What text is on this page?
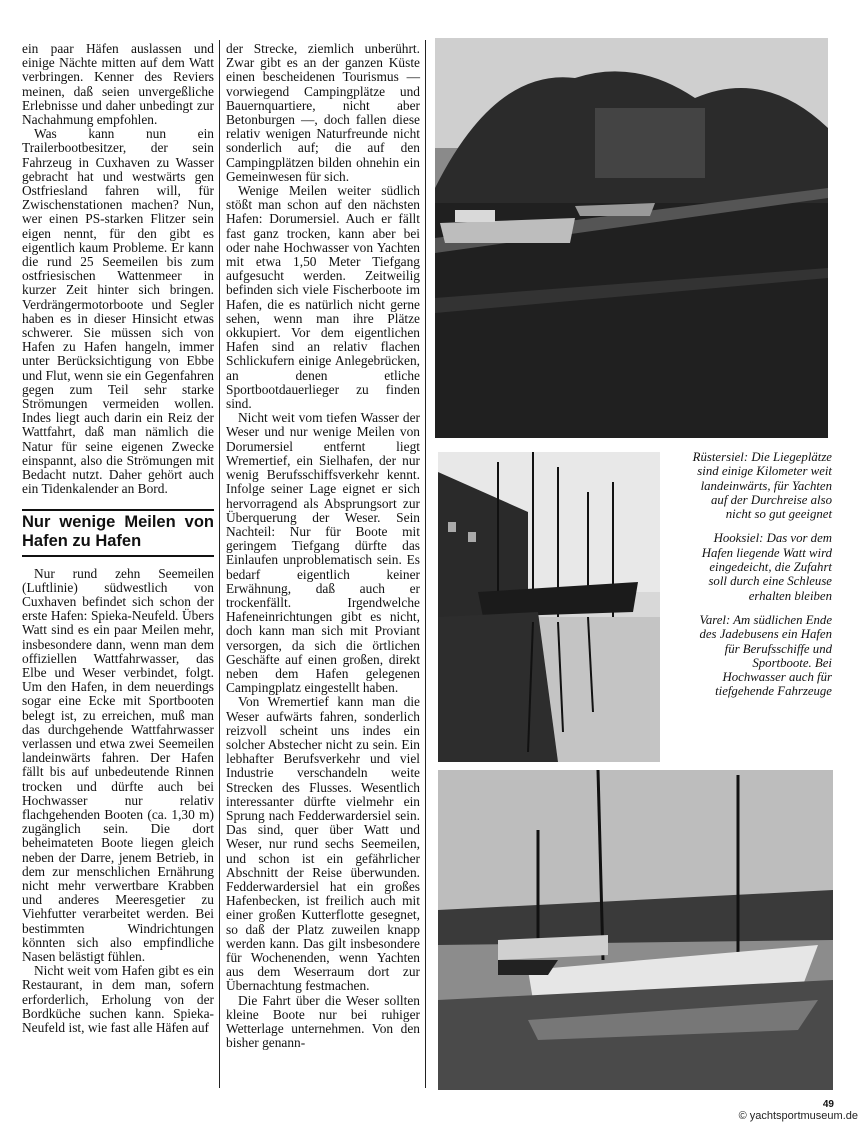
ein paar Häfen auslassen und einige Nächte mitten auf dem Watt verbringen. Kenner des Reviers meinen, daß seien unvergeßliche Erlebnisse und daher unbedingt zur Nachahmung empfohlen.

Was kann nun ein Trailerbootbesitzer, der sein Fahrzeug in Cuxhaven zu Wasser gebracht hat und westwärts gen Ostfriesland fahren will, für Zwischenstationen machen? Nun, wer einen PS-starken Flitzer sein eigen nennt, für den gibt es eigentlich kaum Probleme. Er kann die rund 25 Seemeilen bis zum ostfriesischen Wattenmeer in kurzer Zeit hinter sich bringen. Verdrängermotorboote und Segler haben es in dieser Hinsicht etwas schwerer. Sie müssen sich von Hafen zu Hafen hangeln, immer unter Berücksichtigung von Ebbe und Flut, wenn sie ein Gegenfahren gegen zum Teil sehr starke Strömungen vermeiden wollen. Indes liegt auch darin ein Reiz der Wattfahrt, daß man nämlich die Natur für seine eigenen Zwecke einspannt, also die Strömungen mit Bedacht nutzt. Daher gehört auch ein Tidenkalender an Bord.

Nur wenige Meilen von Hafen zu Hafen

Nur rund zehn Seemeilen (Luftlinie) südwestlich von Cuxhaven befindet sich schon der erste Hafen: Spieka-Neufeld. Übers Watt sind es ein paar Meilen mehr, insbesondere dann, wenn man dem offiziellen Wattfahrwasser, das Elbe und Weser verbindet, folgt. Um den Hafen, in dem neuerdings sogar eine Ecke mit Sportbooten belegt ist, zu erreichen, muß man das durchgehende Wattfahrwasser verlassen und etwa zwei Seemeilen landeinwärts fahren. Der Hafen fällt bis auf unbedeutende Rinnen trocken und dürfte auch bei Hochwasser nur relativ flachgehenden Booten (ca. 1,30 m) zugänglich sein. Die dort beheimateten Boote liegen gleich neben der Darre, jenem Betrieb, in dem zur menschlichen Ernährung nicht mehr verwertbare Krabben und anderes Meeresgetier zu Viehfutter verarbeitet werden. Bei bestimmten Windrichtungen könnten sich also empfindliche Nasen belästigt fühlen.

Nicht weit vom Hafen gibt es ein Restaurant, in dem man, sofern erforderlich, Erholung von der Bordküche suchen kann. Spieka-Neufeld ist, wie fast alle Häfen auf

der Strecke, ziemlich unberührt. Zwar gibt es an der ganzen Küste einen bescheidenen Tourismus — vorwiegend Campingplätze und Bauernquartiere, nicht aber Betonburgen —, doch fallen diese relativ wenigen Naturfreunde nicht sonderlich auf; die auf den Campingplätzen bilden ohnehin ein Gemeinwesen für sich.

Wenige Meilen weiter südlich stößt man schon auf den nächsten Hafen: Dorumersiel. Auch er fällt fast ganz trocken, kann aber bei oder nahe Hochwasser von Yachten mit etwa 1,50 Meter Tiefgang aufgesucht werden. Zeitweilig befinden sich viele Fischerboote im Hafen, die es natürlich nicht gerne sehen, wenn man ihre Plätze okkupiert. Vor dem eigentlichen Hafen sind an relativ flachen Schlickufern einige Anlegebrücken, an denen etliche Sportbootdauerlieger zu finden sind.

Nicht weit vom tiefen Wasser der Weser und nur wenige Meilen von Dorumersiel entfernt liegt Wremertief, ein Sielhafen, der nur wenig Berufsschiffsverkehr kennt. Infolge seiner Lage eignet er sich hervorragend als Absprungsort zur Überquerung der Weser. Sein Nachteil: Nur für Boote mit geringem Tiefgang dürfte das Einlaufen unproblematisch sein. Es bedarf eigentlich keiner Erwähnung, daß auch er trockenfällt. Irgendwelche Hafeneinrichtungen gibt es nicht, doch kann man sich mit Proviant versorgen, da sich die örtlichen Geschäfte auf einen großen, direkt neben dem Hafen gelegenen Campingplatz eingestellt haben.

Von Wremertief kann man die Weser aufwärts fahren, sonderlich reizvoll scheint uns indes ein solcher Abstecher nicht zu sein. Ein lebhafter Berufsverkehr und viel Industrie verschandeln weite Strecken des Flusses. Wesentlich interessanter dürfte vielmehr ein Sprung nach Fedderwardersiel sein. Das sind, quer über Watt und Weser, nur rund sechs Seemeilen, und schon ist ein gefährlicher Abschnitt der Reise überwunden. Fedderwardersiel hat ein großes Hafenbecken, ist freilich auch mit einer großen Kutterflotte gesegnet, so daß der Platz zuweilen knapp werden kann. Das gilt insbesondere für Wochenenden, wenn Yachten aus dem Weserraum dort zur Übernachtung festmachen.

Die Fahrt über die Weser sollten kleine Boote nur bei ruhiger Wetterlage unternehmen. Von den bisher genann-

Rüstersiel: Die Liegeplätze sind einige Kilometer weit landeinwärts, für Yachten auf der Durchreise also nicht so gut geeignet

Hooksiel: Das vor dem Hafen liegende Watt wird eingedeicht, die Zufahrt soll durch eine Schleuse erhalten bleiben

Varel: Am südlichen Ende des Jadebusens ein Hafen für Berufsschiffe und Sportboote. Bei Hochwasser auch für tiefgehende Fahrzeuge

49
© yachtsportmuseum.de
